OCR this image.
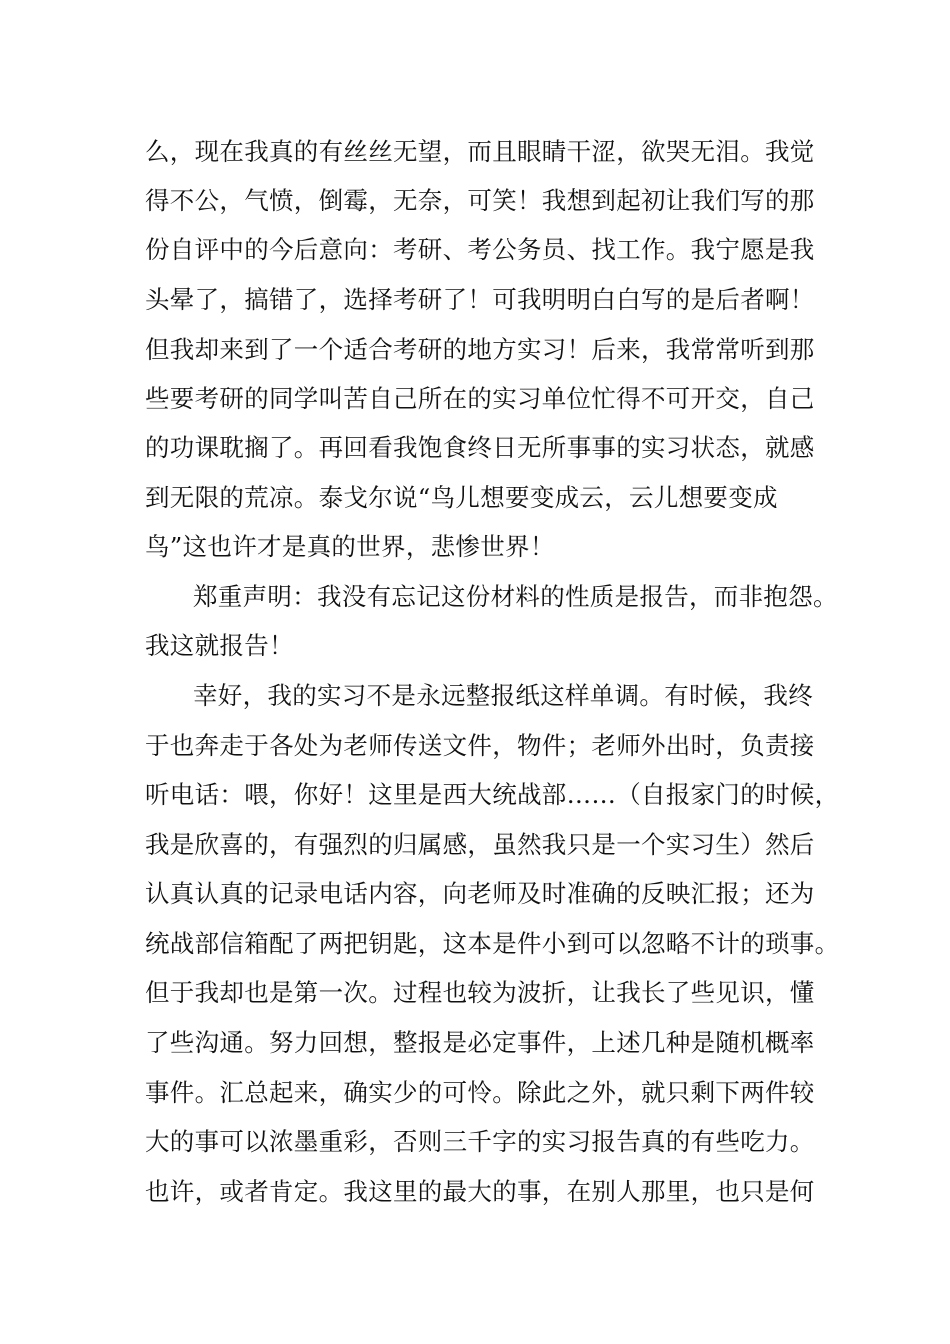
么，现在我真的有丝丝无望，而且眼睛干涩，欲哭无泪。我觉
得不公，气愤，倒霉，无奈，可笑！我想到起初让我们写的那
份自评中的今后意向：考研、考公务员、找工作。我宁愿是我
头晕了，搞错了，选择考研了！可我明明白白写的是后者啊！
但我却来到了一个适合考研的地方实习！后来，我常常听到那
些要考研的同学叫苦自己所在的实习单位忙得不可开交，自己
的功课耽搁了。再回看我饱食终日无所事事的实习状态，就感
到无限的荒凉。泰戈尔说“鸟儿想要变成云，云儿想要变成
鸟”这也许才是真的世界，悲惨世界！
郑重声明：我没有忘记这份材料的性质是报告，而非抱怨。
我这就报告！
幸好，我的实习不是永远整报纸这样单调。有时候，我终
于也奔走于各处为老师传送文件，物件；老师外出时，负责接
听电话：喂，你好！这里是西大统战部……（自报家门的时候，
我是欣喜的，有强烈的归属感，虽然我只是一个实习生）然后
认真认真的记录电话内容，向老师及时准确的反映汇报；还为
统战部信箱配了两把钥匙，这本是件小到可以忽略不计的琐事。
但于我却也是第一次。过程也较为波折，让我长了些见识，懂
了些沟通。努力回想，整报是必定事件，上述几种是随机概率
事件。汇总起来，确实少的可怜。除此之外，就只剩下两件较
大的事可以浓墨重彩，否则三千字的实习报告真的有些吃力。
也许，或者肯定。我这里的最大的事，在别人那里，也只是何
